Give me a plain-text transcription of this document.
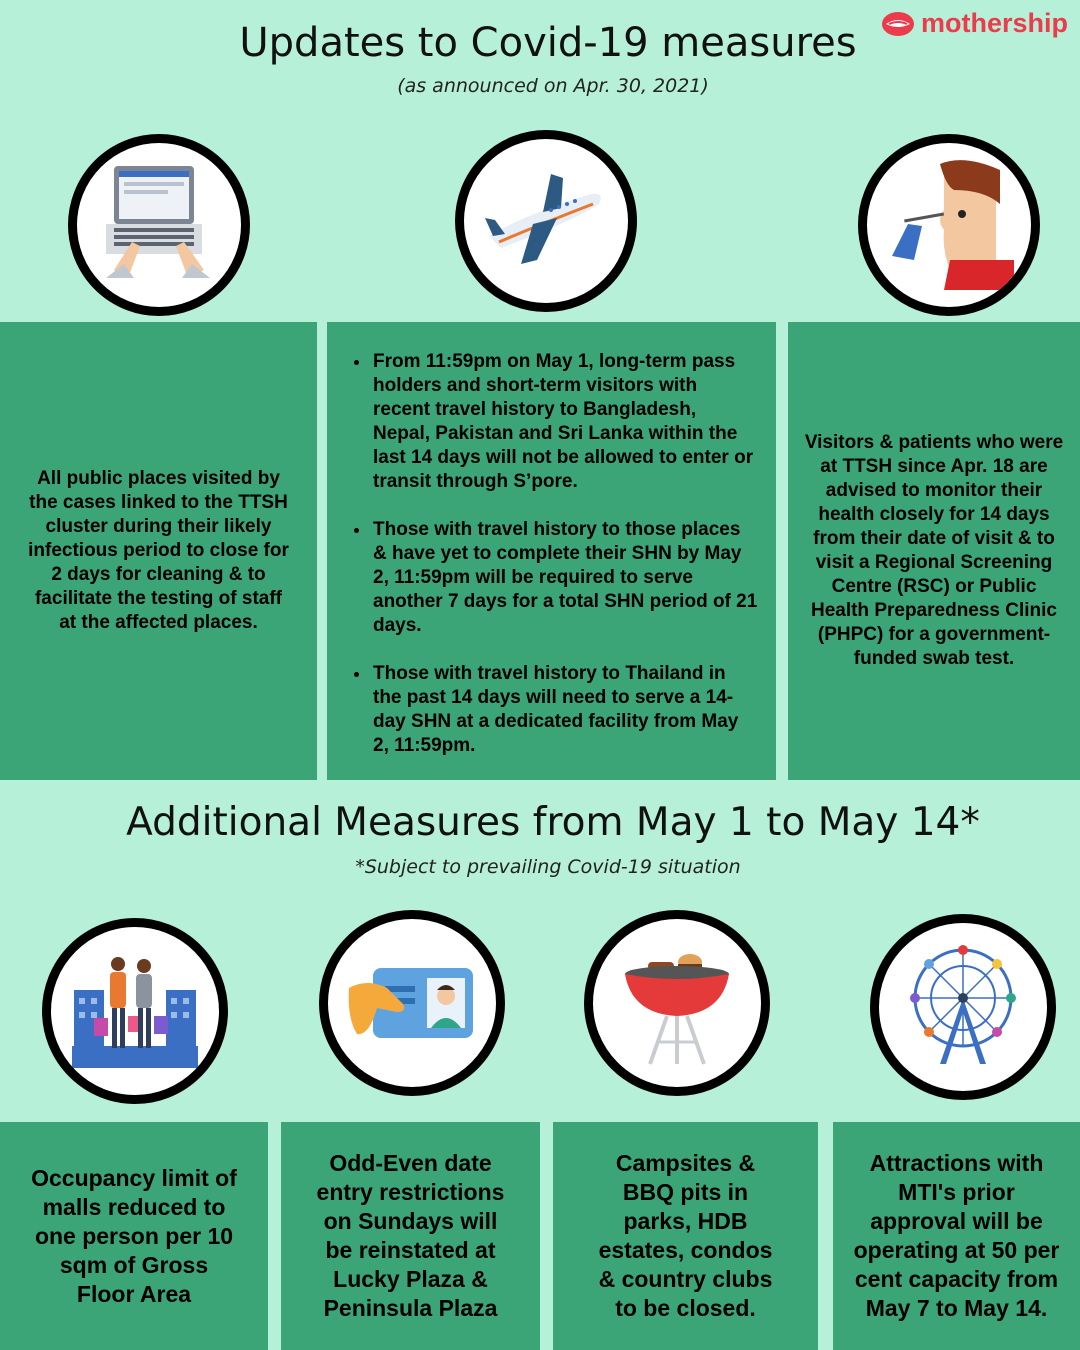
mothership
Updates to Covid-19 measures
(as announced on Apr. 30, 2021)

All public places visited by the cases linked to the TTSH cluster during their likely infectious period to close for 2 days for cleaning & to facilitate the testing of staff at the affected places.

• From 11:59pm on May 1, long-term pass holders and short-term visitors with recent travel history to Bangladesh, Nepal, Pakistan and Sri Lanka within the last 14 days will not be allowed to enter or transit through S’pore.
• Those with travel history to those places & have yet to complete their SHN by May 2, 11:59pm will be required to serve another 7 days for a total SHN period of 21 days.
• Those with travel history to Thailand in the past 14 days will need to serve a 14-day SHN at a dedicated facility from May 2, 11:59pm.

Visitors & patients who were at TTSH since Apr. 18 are advised to monitor their health closely for 14 days from their date of visit & to visit a Regional Screening Centre (RSC) or Public Health Preparedness Clinic (PHPC) for a government-funded swab test.

Additional Measures from May 1 to May 14*
*Subject to prevailing Covid-19 situation

Occupancy limit of malls reduced to one person per 10 sqm of Gross Floor Area

Odd-Even date entry restrictions on Sundays will be reinstated at Lucky Plaza & Peninsula Plaza

Campsites & BBQ pits in parks, HDB estates, condos & country clubs to be closed.

Attractions with MTI's prior approval will be operating at 50 per cent capacity from May 7 to May 14.
